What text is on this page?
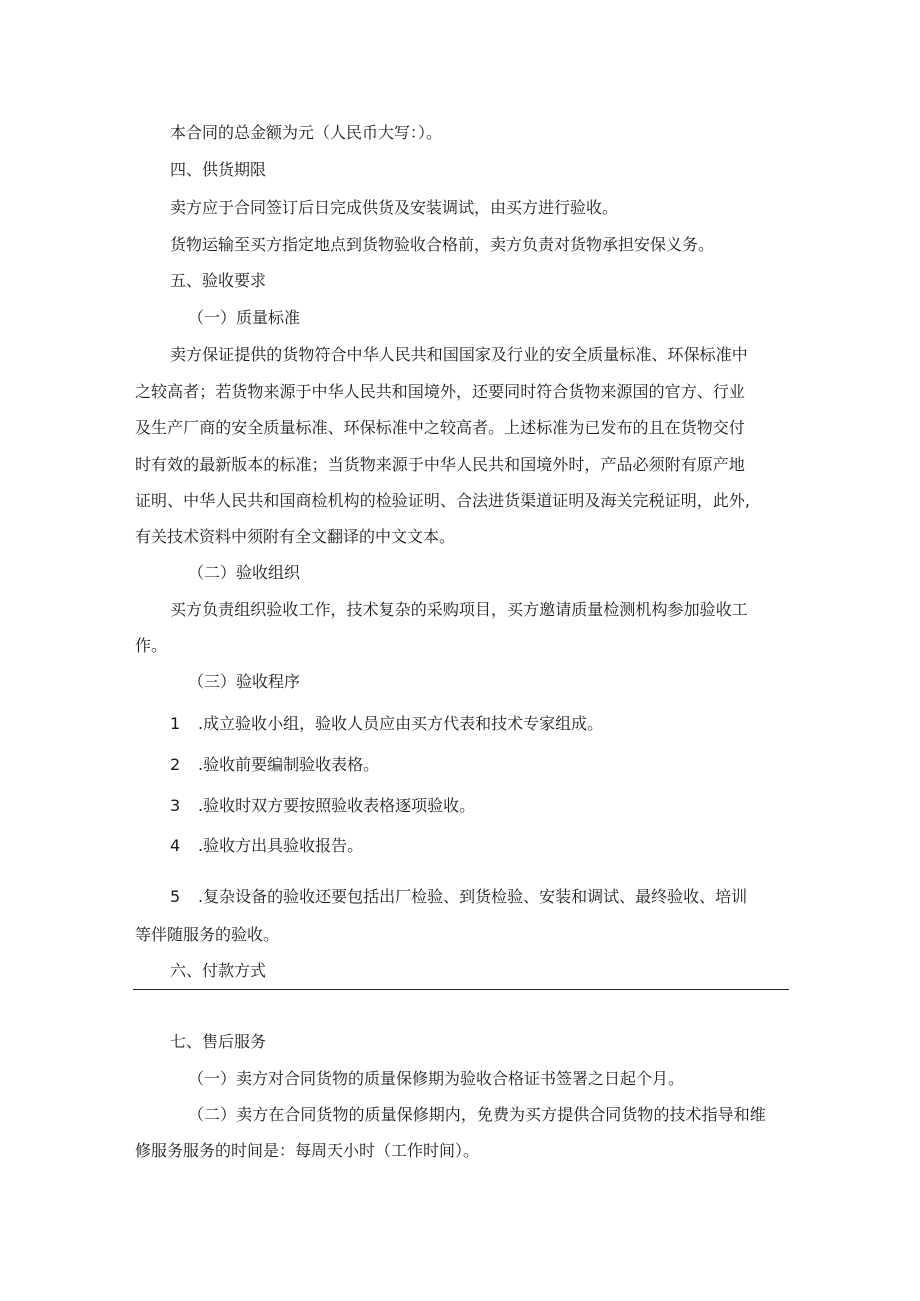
本合同的总金额为元（人民币大写：）。
四、供货期限
卖方应于合同签订后日完成供货及安装调试，由买方进行验收。
货物运输至买方指定地点到货物验收合格前，卖方负责对货物承担安保义务。
五、验收要求
（一）质量标准
卖方保证提供的货物符合中华人民共和国国家及行业的安全质量标准、环保标准中
之较高者；若货物来源于中华人民共和国境外，还要同时符合货物来源国的官方、行业
及生产厂商的安全质量标准、环保标准中之较高者。上述标准为已发布的且在货物交付
时有效的最新版本的标准；当货物来源于中华人民共和国境外时，产品必须附有原产地
证明、中华人民共和国商检机构的检验证明、合法进货渠道证明及海关完税证明，此外,
有关技术资料中须附有全文翻译的中文文本。
（二）验收组织
买方负责组织验收工作，技术复杂的采购项目，买方邀请质量检测机构参加验收工
作。
（三）验收程序
1 .成立验收小组，验收人员应由买方代表和技术专家组成。
2 .验收前要编制验收表格。
3 .验收时双方要按照验收表格逐项验收。
4 .验收方出具验收报告。
5 .复杂设备的验收还要包括出厂检验、到货检验、安装和调试、最终验收、培训
等伴随服务的验收。
六、付款方式
七、售后服务
（一）卖方对合同货物的质量保修期为验收合格证书签署之日起个月。
（二）卖方在合同货物的质量保修期内，免费为买方提供合同货物的技术指导和维
修服务服务的时间是：每周天小时（工作时间）。
